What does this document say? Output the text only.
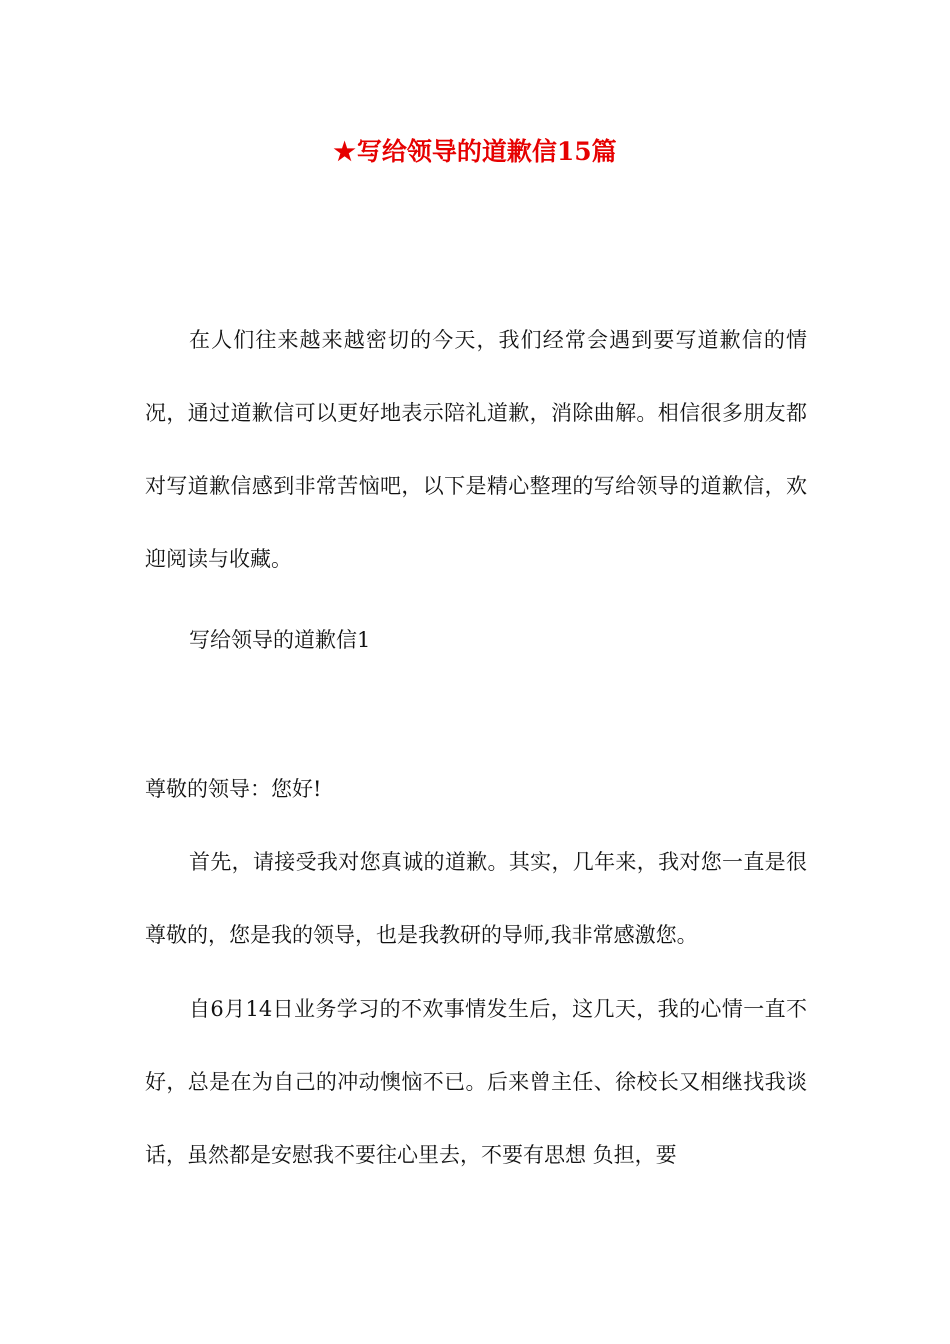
★写给领导的道歉信15篇

在人们往来越来越密切的今天，我们经常会遇到要写道歉信的情况，通过道歉信可以更好地表示陪礼道歉，消除曲解。相信很多朋友都对写道歉信感到非常苦恼吧，以下是精心整理的写给领导的道歉信，欢迎阅读与收藏。

写给领导的道歉信1

尊敬的领导：您好!

首先，请接受我对您真诚的道歉。其实，几年来，我对您一直是很尊敬的，您是我的领导，也是我教研的导师,我非常感激您。

自6月14日业务学习的不欢事情发生后，这几天，我的心情一直不好，总是在为自己的冲动懊恼不已。后来曾主任、徐校长又相继找我谈话，虽然都是安慰我不要往心里去，不要有思想 负担，要
